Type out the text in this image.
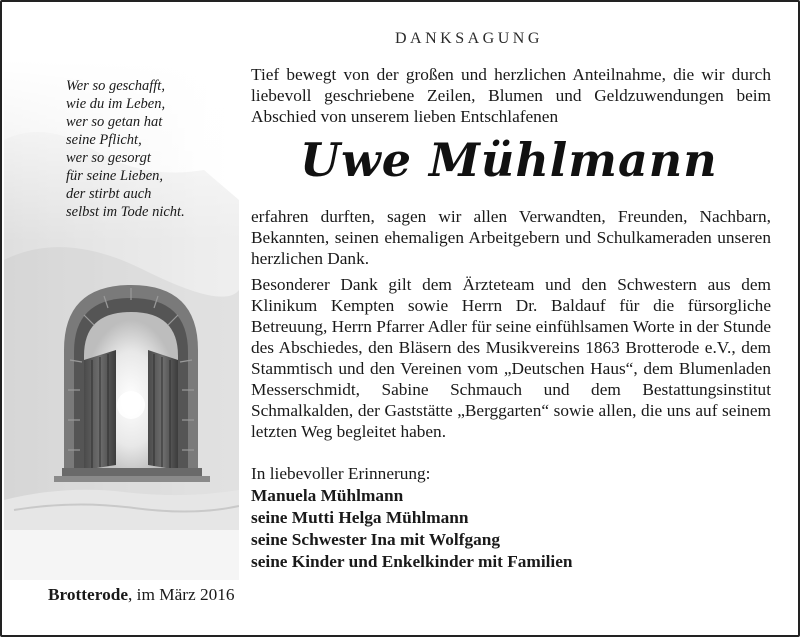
Wer so geschafft,
wie du im Leben,
wer so getan hat
seine Pflicht,
wer so gesorgt
für seine Lieben,
der stirbt auch
selbst im Tode nicht.
DANKSAGUNG

Tief bewegt von der großen und herzlichen Anteilnahme, die wir durch liebevoll geschriebene Zeilen, Blumen und Geldzuwendungen beim Abschied von unserem lieben Entschlafenen

Uwe Mühlmann

erfahren durften, sagen wir allen Verwandten, Freunden, Nachbarn, Bekannten, seinen ehemaligen Arbeitgebern und Schulkameraden unseren herzlichen Dank.

Besonderer Dank gilt dem Ärzteteam und den Schwestern aus dem Klinikum Kempten sowie Herrn Dr. Baldauf für die fürsorgliche Betreuung, Herrn Pfarrer Adler für seine einfühlsamen Worte in der Stunde des Abschiedes, den Bläsern des Musikvereins 1863 Brotterode e.V., dem Stammtisch und den Vereinen vom „Deutschen Haus“, dem Blumenladen Messerschmidt, Sabine Schmauch und dem Bestattungsinstitut Schmalkalden, der Gaststätte „Berggarten“ sowie allen, die uns auf seinem letzten Weg begleitet haben.

In liebevoller Erinnerung:
Manuela Mühlmann
seine Mutti Helga Mühlmann
seine Schwester Ina mit Wolfgang
seine Kinder und Enkelkinder mit Familien
Brotterode, im März 2016
